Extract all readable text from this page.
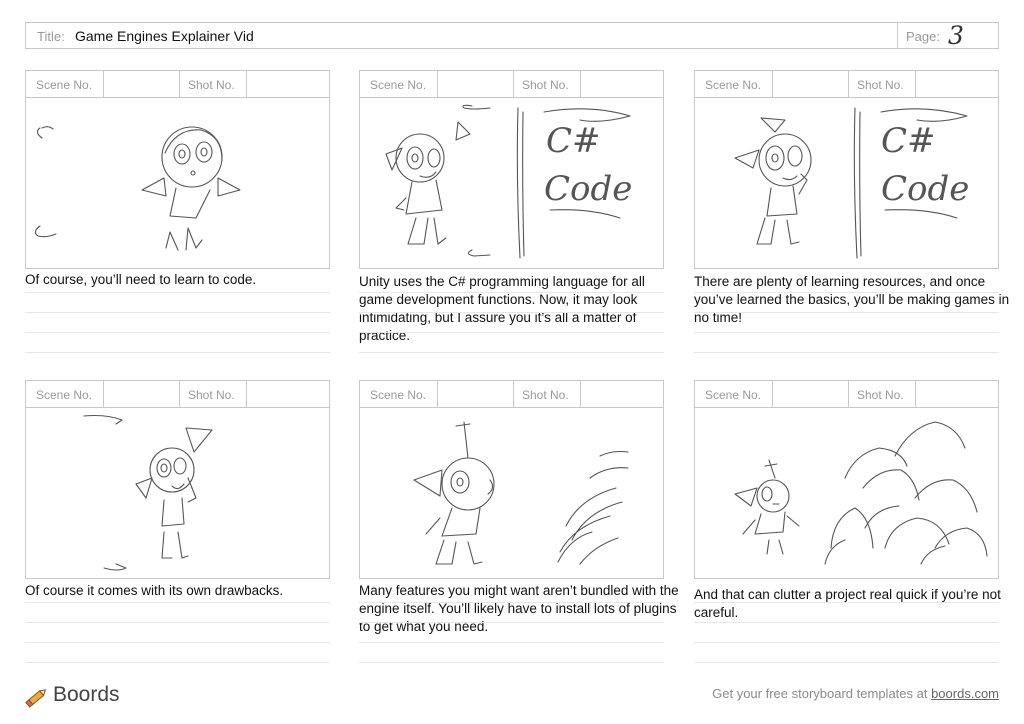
Title: Game Engines Explainer Vid	Page: 3
Scene No.	Shot No.
Of course, you’ll need to learn to code.
Scene No.	Shot No.
C#
Code
Unity uses the C# programming language for all game development functions. Now, it may look intimidating, but I assure you it’s all a matter of practice.
Scene No.	Shot No.
C#
Code
There are plenty of learning resources, and once you’ve learned the basics, you’ll be making games in no time!
Scene No.	Shot No.
Of course it comes with its own drawbacks.
Scene No.	Shot No.
Many features you might want aren’t bundled with the engine itself. You’ll likely have to install lots of plugins to get what you need.
Scene No.	Shot No.
And that can clutter a project real quick if you’re not careful.
Boords	Get your free storyboard templates at boords.com
